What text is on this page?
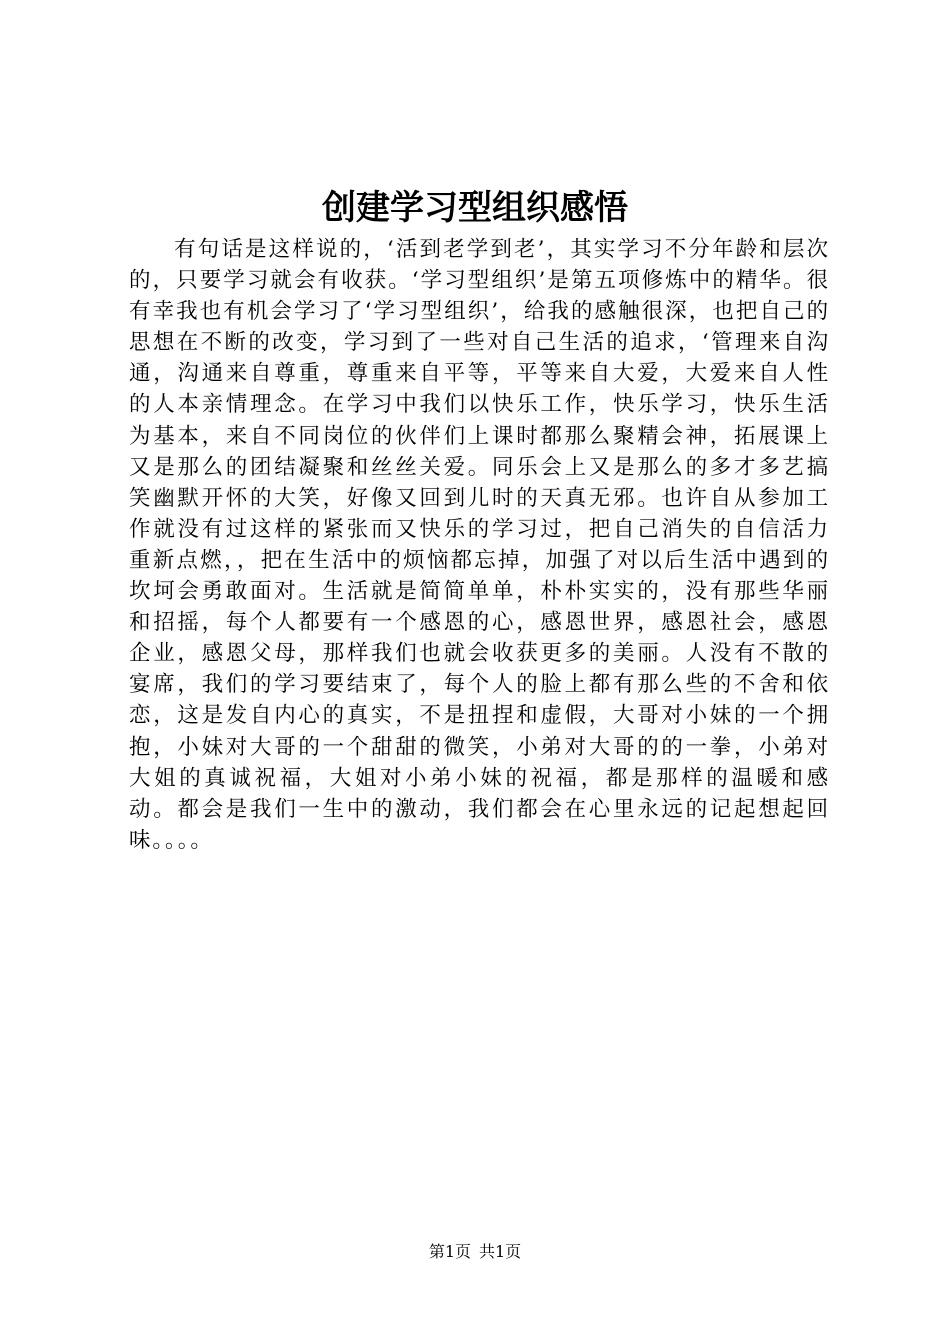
创建学习型组织感悟

有句话是这样说的，‘活到老学到老’，其实学习不分年龄和层次的，只要学习就会有收获。‘学习型组织’是第五项修炼中的精华。很有幸我也有机会学习了‘学习型组织’，给我的感触很深，也把自己的思想在不断的改变，学习到了一些对自己生活的追求，‘管理来自沟通，沟通来自尊重，尊重来自平等，平等来自大爱，大爱来自人性的人本亲情理念。在学习中我们以快乐工作，快乐学习，快乐生活为基本，来自不同岗位的伙伴们上课时都那么聚精会神，拓展课上又是那么的团结凝聚和丝丝关爱。同乐会上又是那么的多才多艺搞笑幽默开怀的大笑，好像又回到儿时的天真无邪。也许自从参加工作就没有过这样的紧张而又快乐的学习过，把自己消失的自信活力重新点燃，，把在生活中的烦恼都忘掉，加强了对以后生活中遇到的坎坷会勇敢面对。生活就是简简单单，朴朴实实的，没有那些华丽和招摇，每个人都要有一个感恩的心，感恩世界，感恩社会，感恩企业，感恩父母，那样我们也就会收获更多的美丽。人没有不散的宴席，我们的学习要结束了，每个人的脸上都有那么些的不舍和依恋，这是发自内心的真实，不是扭捏和虚假，大哥对小妹的一个拥抱，小妹对大哥的一个甜甜的微笑，小弟对大哥的的一拳，小弟对大姐的真诚祝福，大姐对小弟小妹的祝福，都是那样的温暖和感动。都会是我们一生中的激动，我们都会在心里永远的记起想起回味。。。。

第1页 共1页
